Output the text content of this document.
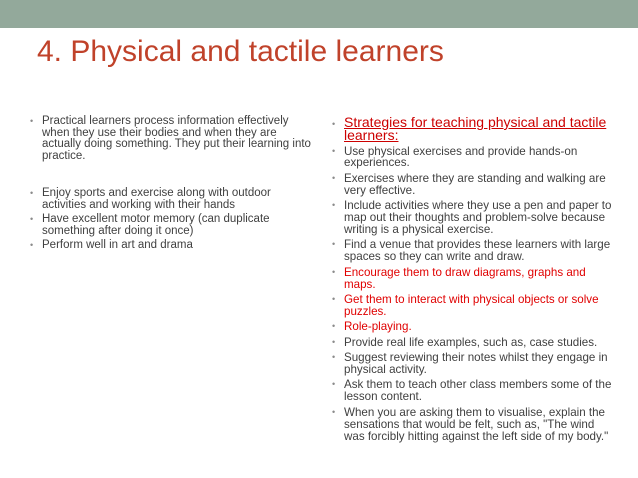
4. Physical and tactile learners
• Practical learners process information effectively when they use their bodies and when they are actually doing something. They put their learning into practice.
• Enjoy sports and exercise along with outdoor activities and working with their hands
• Have excellent motor memory (can duplicate something after doing it once)
• Perform well in art and drama
• Strategies for teaching physical and tactile learners:
• Use physical exercises and provide hands-on experiences.
• Exercises where they are standing and walking are very effective.
• Include activities where they use a pen and paper to map out their thoughts and problem-solve because writing is a physical exercise.
• Find a venue that provides these learners with large spaces so they can write and draw.
• Encourage them to draw diagrams, graphs and maps.
• Get them to interact with physical objects or solve puzzles.
• Role-playing.
• Provide real life examples, such as, case studies.
• Suggest reviewing their notes whilst they engage in physical activity.
• Ask them to teach other class members some of the lesson content.
• When you are asking them to visualise, explain the sensations that would be felt, such as, "The wind was forcibly hitting against the left side of my body."
